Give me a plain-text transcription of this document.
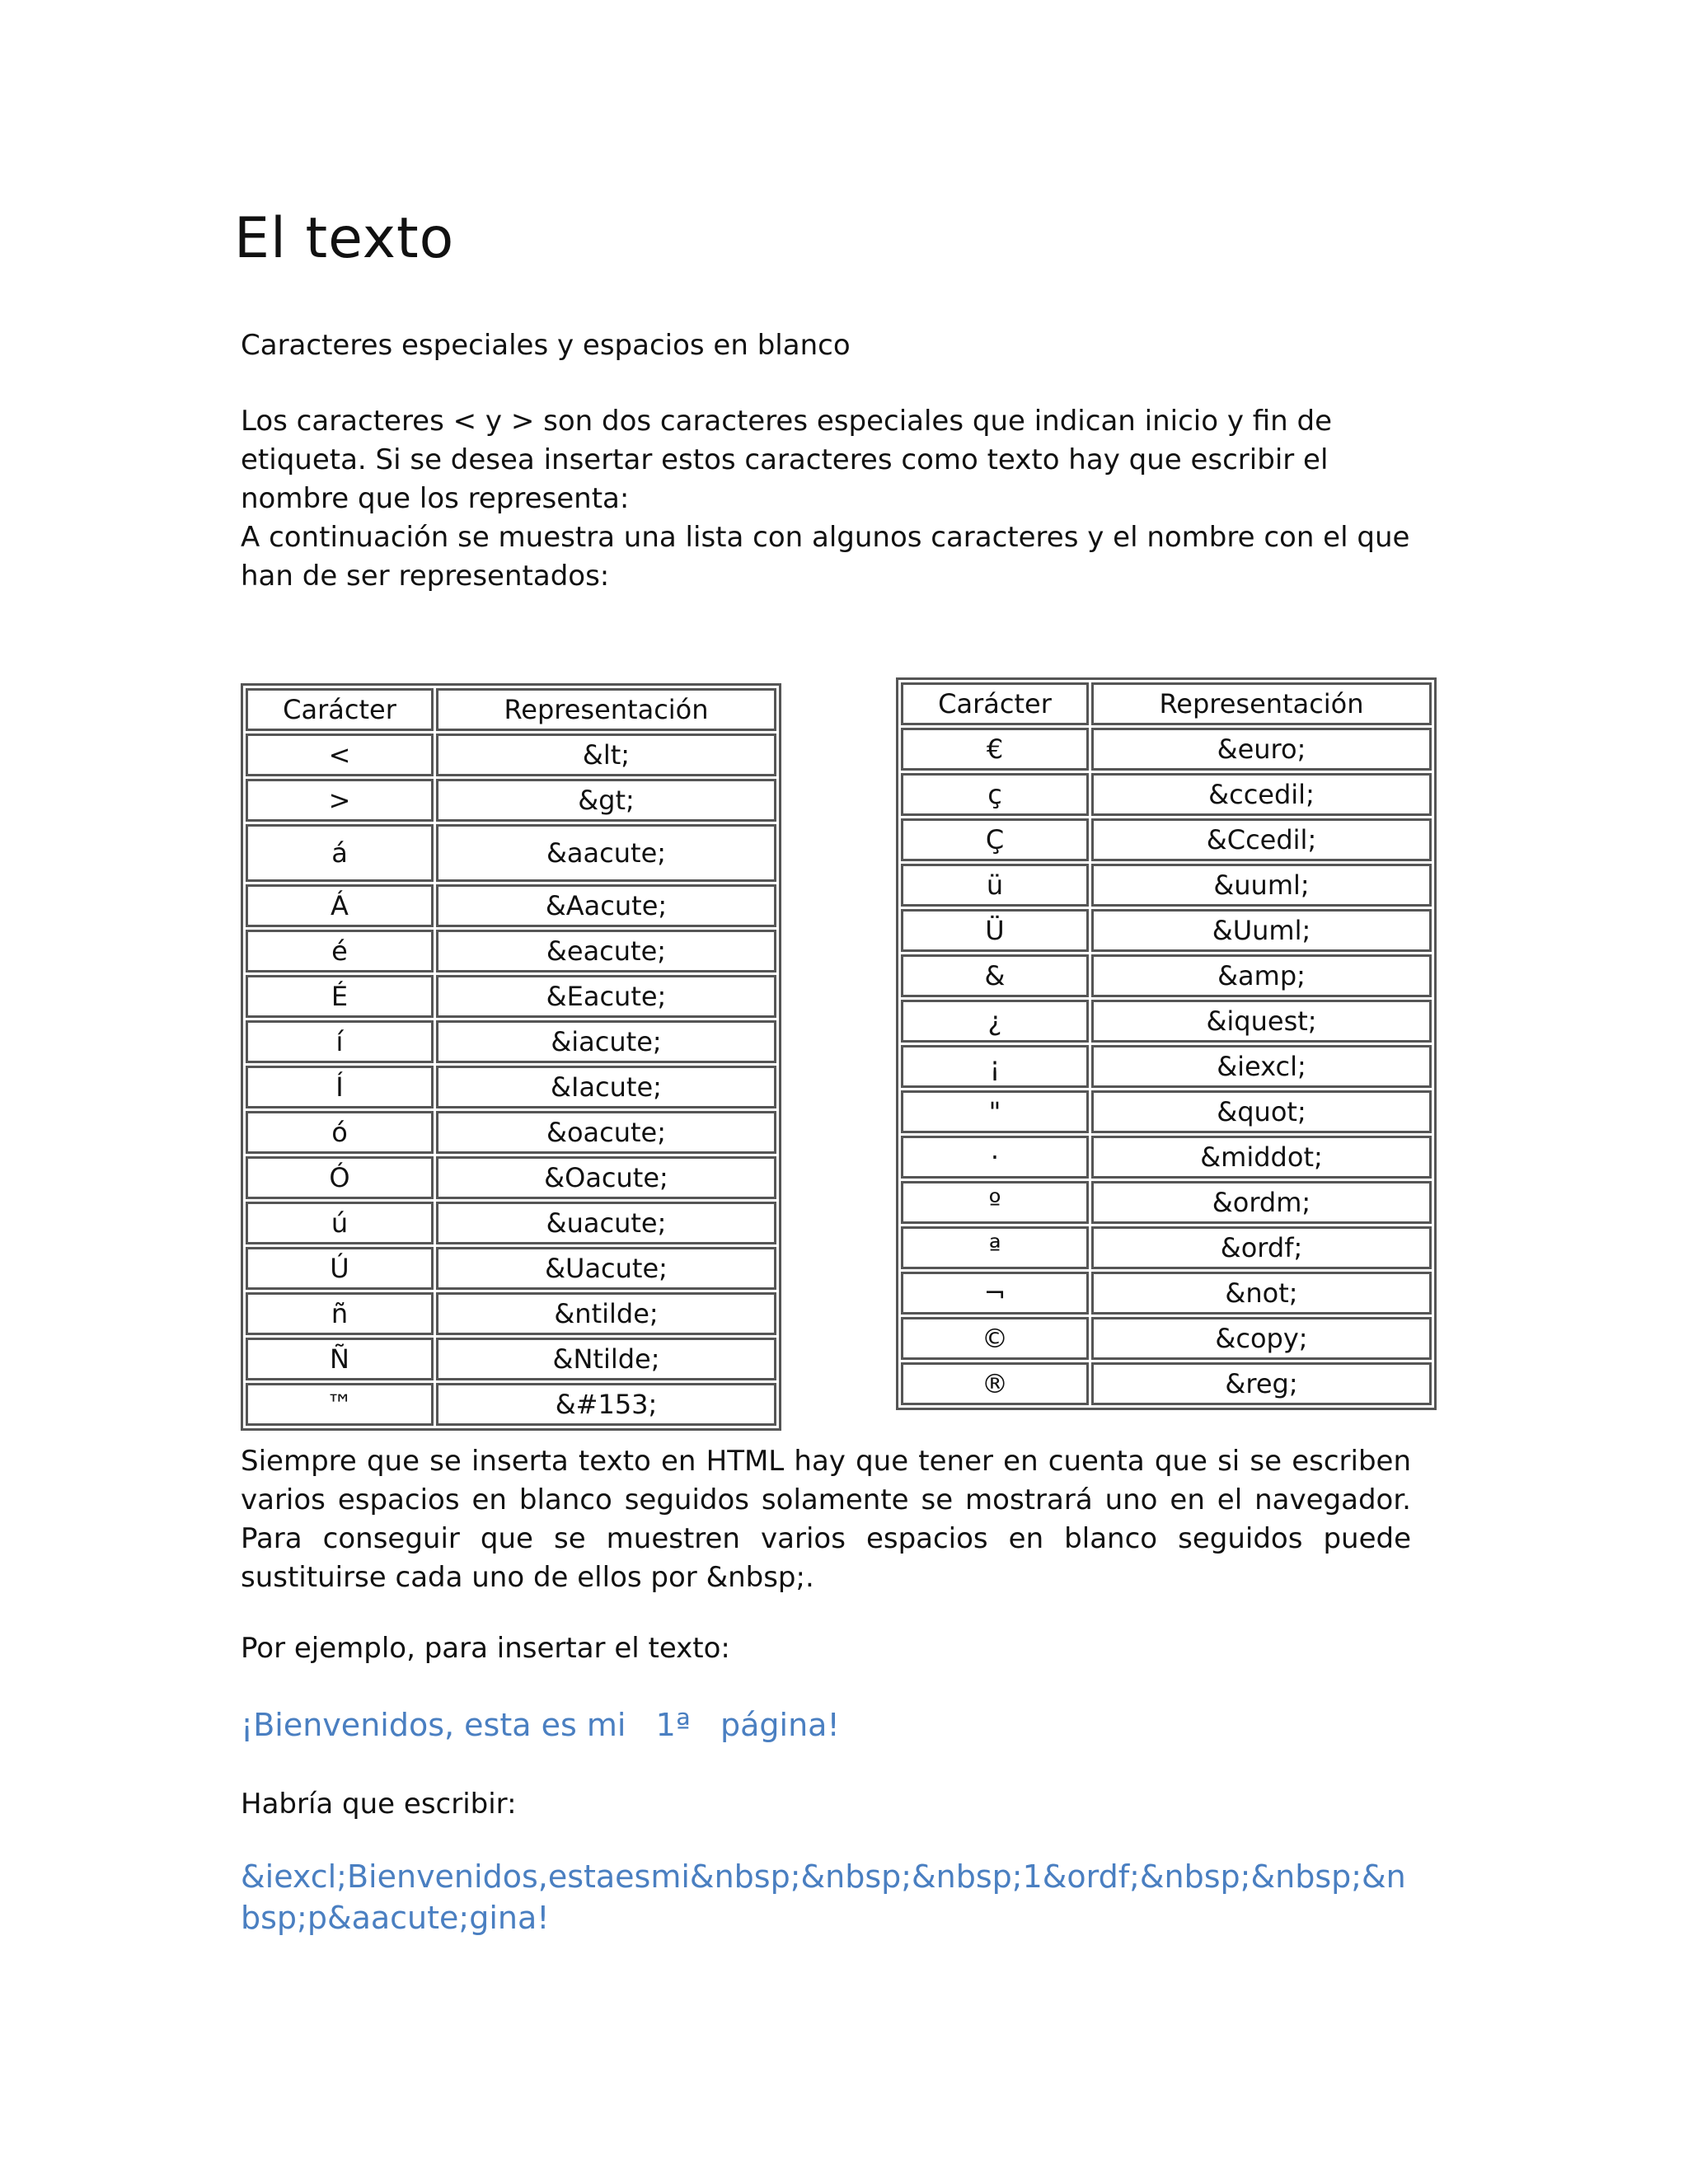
El texto

Caracteres especiales y espacios en blanco

Los caracteres < y > son dos caracteres especiales que indican inicio y fin de etiqueta. Si se desea insertar estos caracteres como texto hay que escribir el nombre que los representa:

A continuación se muestra una lista con algunos caracteres y el nombre con el que han de ser representados:

Carácter	Representación
<	&lt;
>	&gt;
á	&aacute;
Á	&Aacute;
é	&eacute;
É	&Eacute;
í	&iacute;
Í	&Iacute;
ó	&oacute;
Ó	&Oacute;
ú	&uacute;
Ú	&Uacute;
ñ	&ntilde;
Ñ	&Ntilde;
™	&#153;
Carácter	Representación
€	&euro;
ç	&ccedil;
Ç	&Ccedil;
ü	&uuml;
Ü	&Uuml;
&	&amp;
¿	&iquest;
¡	&iexcl;
"	&quot;
·	&middot;
º	&ordm;
ª	&ordf;
¬	&not;
©	&copy;
®	&reg;

Siempre que se inserta texto en HTML hay que tener en cuenta que si se escriben varios espacios en blanco seguidos solamente se mostrará uno en el navegador. Para conseguir que se muestren varios espacios en blanco seguidos puede sustituirse cada uno de ellos por &nbsp;.

Por ejemplo, para insertar el texto:

¡Bienvenidos, esta es mi   1ª   página!

Habría que escribir:

&iexcl;Bienvenidos,estaesmi&nbsp;&nbsp;&nbsp;1&ordf;&nbsp;&nbsp;&nbsp;p&aacute;gina!
